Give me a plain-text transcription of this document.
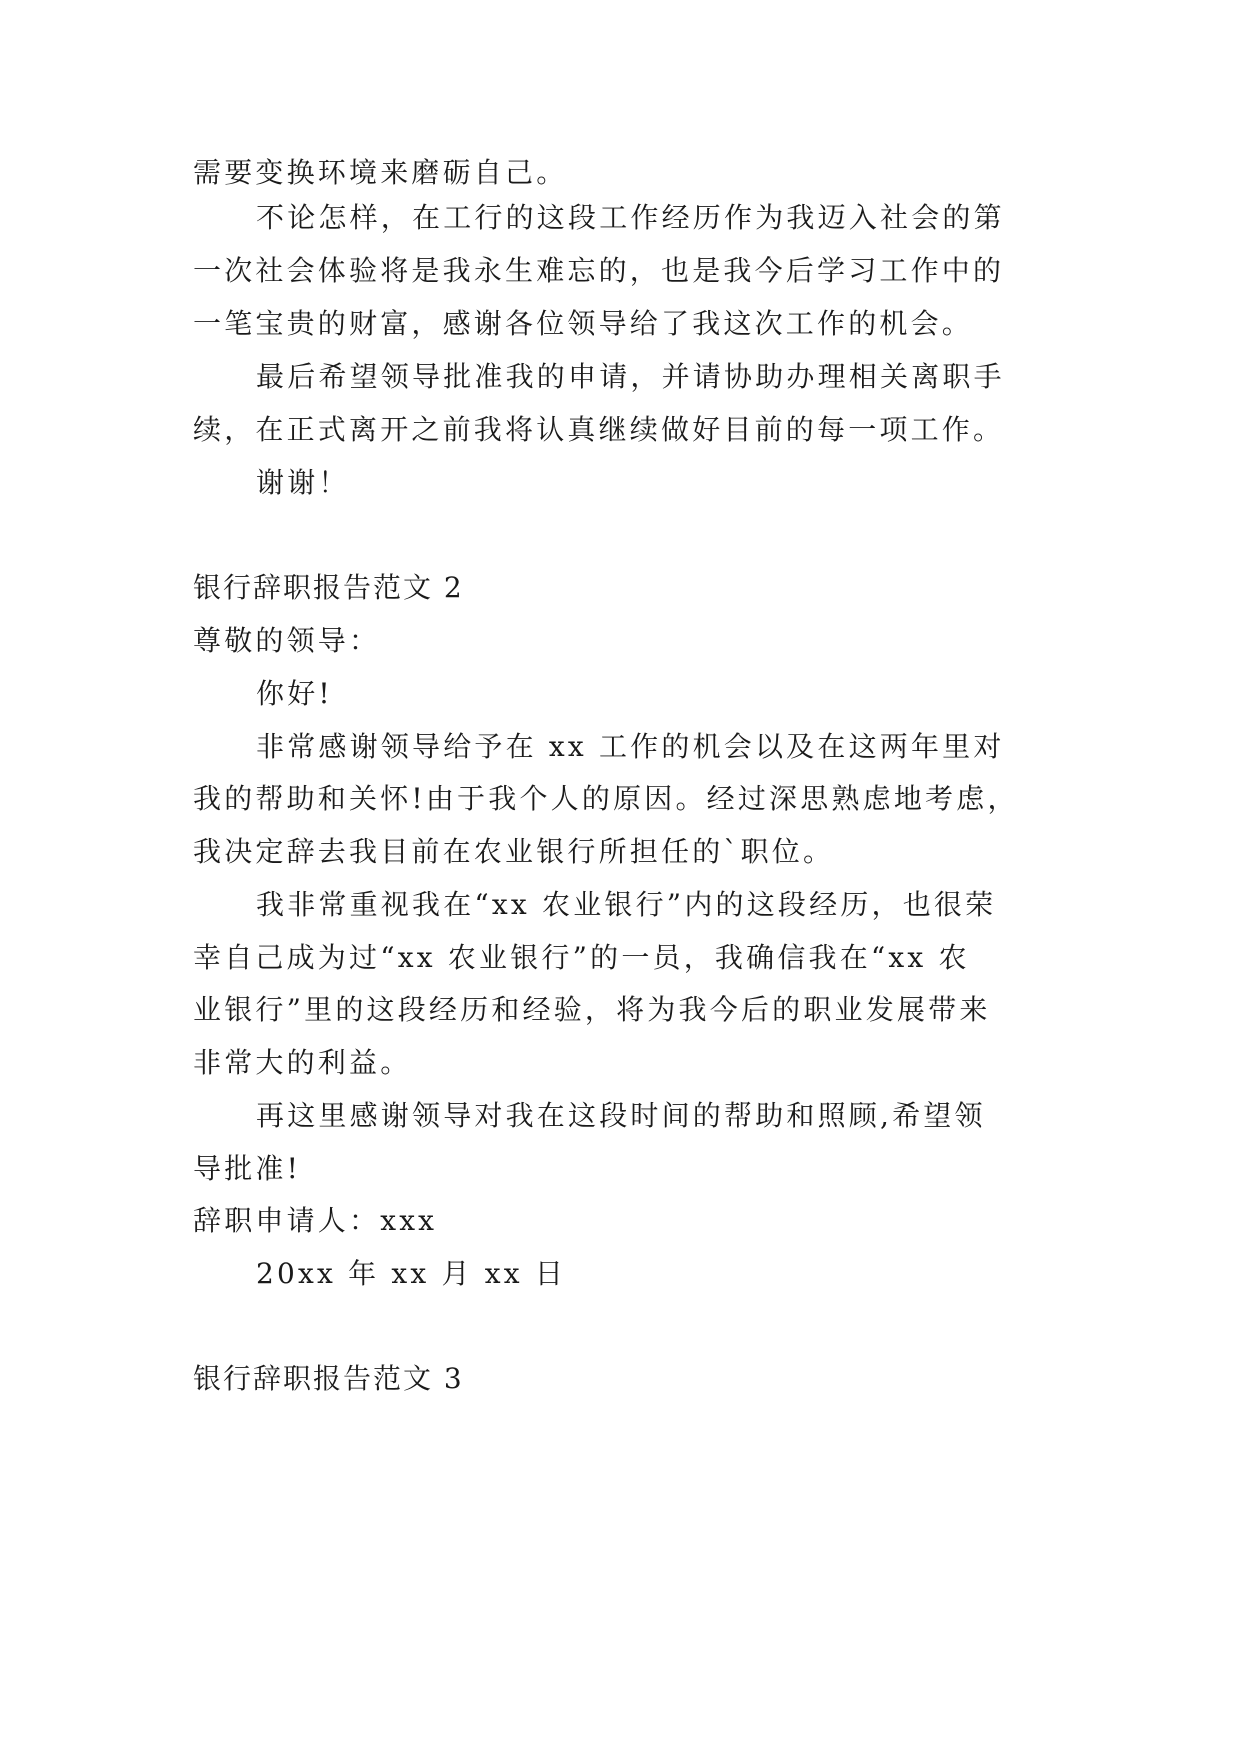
需要变换环境来磨砺自己。
不论怎样，在工行的这段工作经历作为我迈入社会的第
一次社会体验将是我永生难忘的，也是我今后学习工作中的
一笔宝贵的财富，感谢各位领导给了我这次工作的机会。
最后希望领导批准我的申请，并请协助办理相关离职手
续，在正式离开之前我将认真继续做好目前的每一项工作。
谢谢！
银行辞职报告范文 2
尊敬的领导：
你好!
非常感谢领导给予在 xx 工作的机会以及在这两年里对
我的帮助和关怀!由于我个人的原因。经过深思熟虑地考虑，
我决定辞去我目前在农业银行所担任的`职位。
我非常重视我在“xx 农业银行”内的这段经历，也很荣
幸自己成为过“xx 农业银行”的一员，我确信我在“xx 农
业银行”里的这段经历和经验，将为我今后的职业发展带来
非常大的利益。
再这里感谢领导对我在这段时间的帮助和照顾,希望领
导批准!
辞职申请人：xxx
20xx 年 xx 月 xx 日
银行辞职报告范文 3
